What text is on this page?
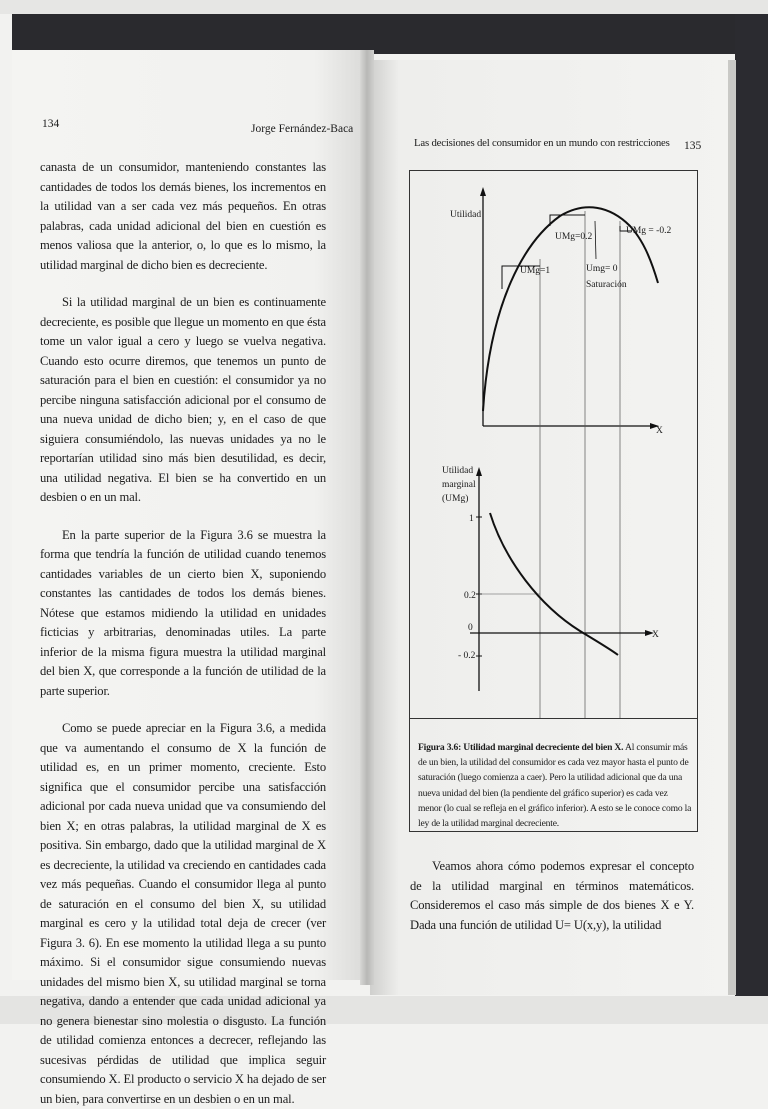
134	Jorge Fernández-Baca

canasta de un consumidor, manteniendo constantes las cantidades de todos los demás bienes, los incrementos en la utilidad van a ser cada vez más pequeños. En otras palabras, cada unidad adicional del bien en cuestión es menos valiosa que la anterior, o, lo que es lo mismo, la utilidad marginal de dicho bien es decreciente.

Si la utilidad marginal de un bien es continuamente decreciente, es posible que llegue un momento en que ésta tome un valor igual a cero y luego se vuelva negativa. Cuando esto ocurre diremos, que tenemos un punto de saturación para el bien en cuestión: el consumidor ya no percibe ninguna satisfacción adicional por el consumo de una nueva unidad de dicho bien; y, en el caso de que siguiera consumiéndolo, las nuevas unidades ya no le reportarían utilidad sino más bien desutilidad, es decir, una utilidad negativa. El bien se ha convertido en un desbien o en un mal.

En la parte superior de la Figura 3.6 se muestra la forma que tendría la función de utilidad cuando tenemos cantidades variables de un cierto bien X, suponiendo constantes las cantidades de todos los demás bienes. Nótese que estamos midiendo la utilidad en unidades ficticias y arbitrarias, denominadas utiles. La parte inferior de la misma figura muestra la utilidad marginal del bien X, que corresponde a la función de utilidad de la parte superior.

Como se puede apreciar en la Figura 3.6, a medida que va aumentando el consumo de X la función de utilidad es, en un primer momento, creciente. Esto significa que el consumidor percibe una satisfacción adicional por cada nueva unidad que va consumiendo del bien X; en otras palabras, la utilidad marginal de X es positiva. Sin embargo, dado que la utilidad marginal de X es decreciente, la utilidad va creciendo en cantidades cada vez más pequeñas. Cuando el consumidor llega al punto de saturación en el consumo del bien X, su utilidad marginal es cero y la utilidad total deja de crecer (ver Figura 3. 6). En ese momento la utilidad llega a su punto máximo. Si el consumidor sigue consumiendo nuevas unidades del mismo bien X, su utilidad marginal se torna negativa, dando a entender que cada unidad adicional ya no genera bienestar sino molestia o disgusto. La función de utilidad comienza entonces a decrecer, reflejando las sucesivas pérdidas de utilidad que implica seguir consumiendo X. El producto o servicio X ha dejado de ser un bien, para convertirse en un desbien o en un mal.

Las decisiones del consumidor en un mundo con restricciones 135
Utilidad
X
UMg=1
UMg=0.2
UMg = -0.2
Umg= 0
Saturación
Utilidad
marginal
(UMg)
X
1
0.2
0
- 0.2
Figura 3.6: Utilidad marginal decreciente del bien X. Al consumir más de un bien, la utilidad del consumidor es cada vez mayor hasta el punto de saturación (luego comienza a caer). Pero la utilidad adicional que da una nueva unidad del bien (la pendiente del gráfico superior) es cada vez menor (lo cual se refleja en el gráfico inferior). A esto se le conoce como la ley de la utilidad marginal decreciente.

Veamos ahora cómo podemos expresar el concepto de la utilidad marginal en términos matemáticos. Consideremos el caso más simple de dos bienes X e Y. Dada una función de utilidad U= U(x,y), la utilidad
